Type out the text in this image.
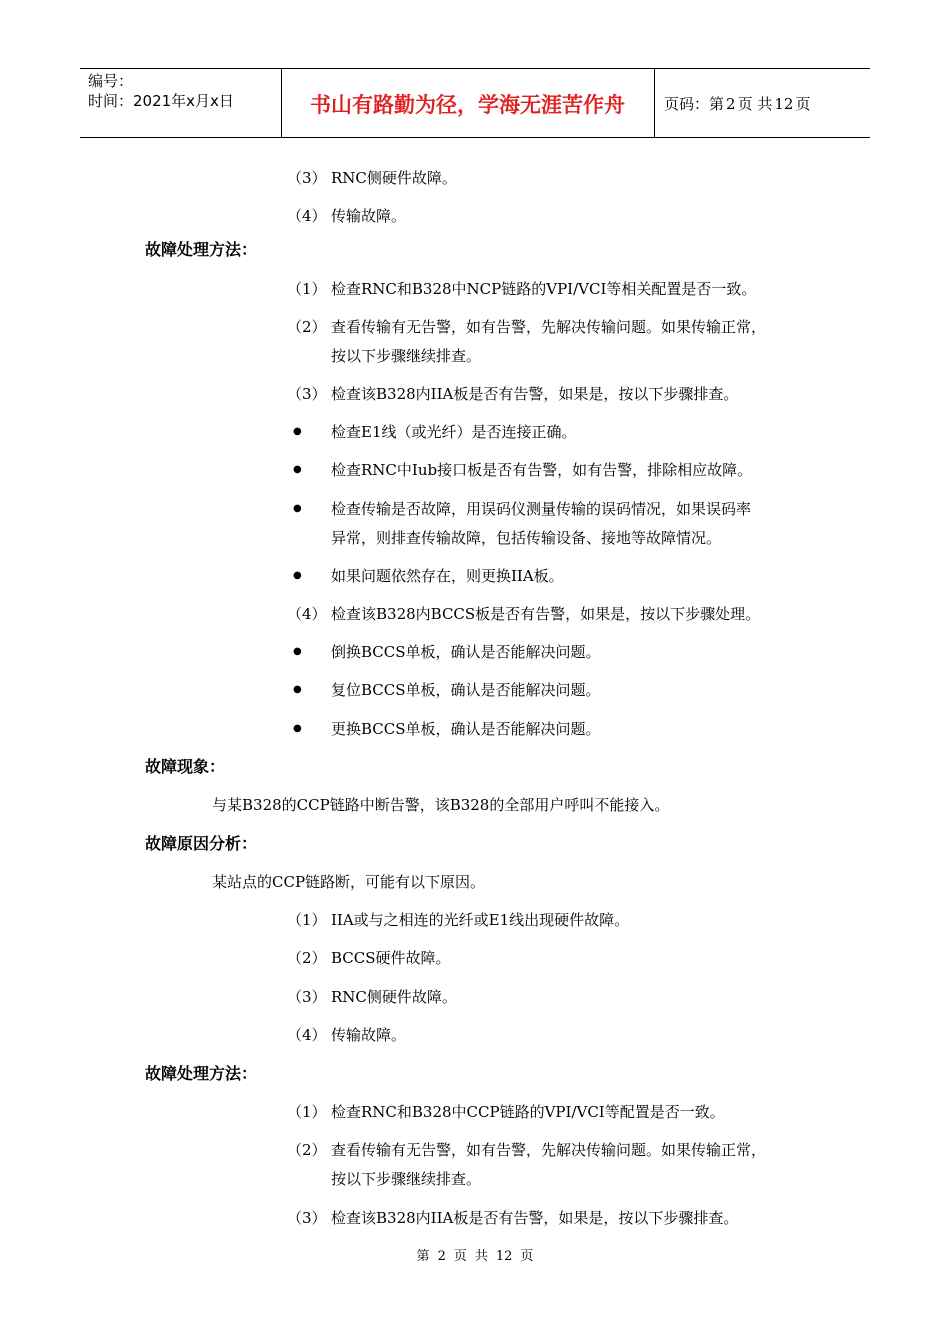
编号：
时间：2021年x月x日	书山有路勤为径，学海无涯苦作舟	页码：第 2 页 共 12 页
（3） RNC侧硬件故障。
（4） 传输故障。
故障处理方法：
（1） 检查RNC和B328中NCP链路的VPI/VCI等相关配置是否一致。
（2） 查看传输有无告警，如有告警，先解决传输问题。如果传输正常，
按以下步骤继续排查。
（3） 检查该B328内IIA板是否有告警，如果是，按以下步骤排查。
● 检查E1线（或光纤）是否连接正确。
● 检查RNC中Iub接口板是否有告警，如有告警，排除相应故障。
● 检查传输是否故障，用误码仪测量传输的误码情况，如果误码率
异常，则排查传输故障，包括传输设备、接地等故障情况。
● 如果问题依然存在，则更换IIA板。
（4） 检查该B328内BCCS板是否有告警，如果是，按以下步骤处理。
● 倒换BCCS单板，确认是否能解决问题。
● 复位BCCS单板，确认是否能解决问题。
● 更换BCCS单板，确认是否能解决问题。
故障现象：
与某B328的CCP链路中断告警，该B328的全部用户呼叫不能接入。
故障原因分析：
某站点的CCP链路断，可能有以下原因。
（1） IIA或与之相连的光纤或E1线出现硬件故障。
（2） BCCS硬件故障。
（3） RNC侧硬件故障。
（4） 传输故障。
故障处理方法：
（1） 检查RNC和B328中CCP链路的VPI/VCI等配置是否一致。
（2） 查看传输有无告警，如有告警，先解决传输问题。如果传输正常，
按以下步骤继续排查。
（3） 检查该B328内IIA板是否有告警，如果是，按以下步骤排查。
第 2 页 共 12 页
